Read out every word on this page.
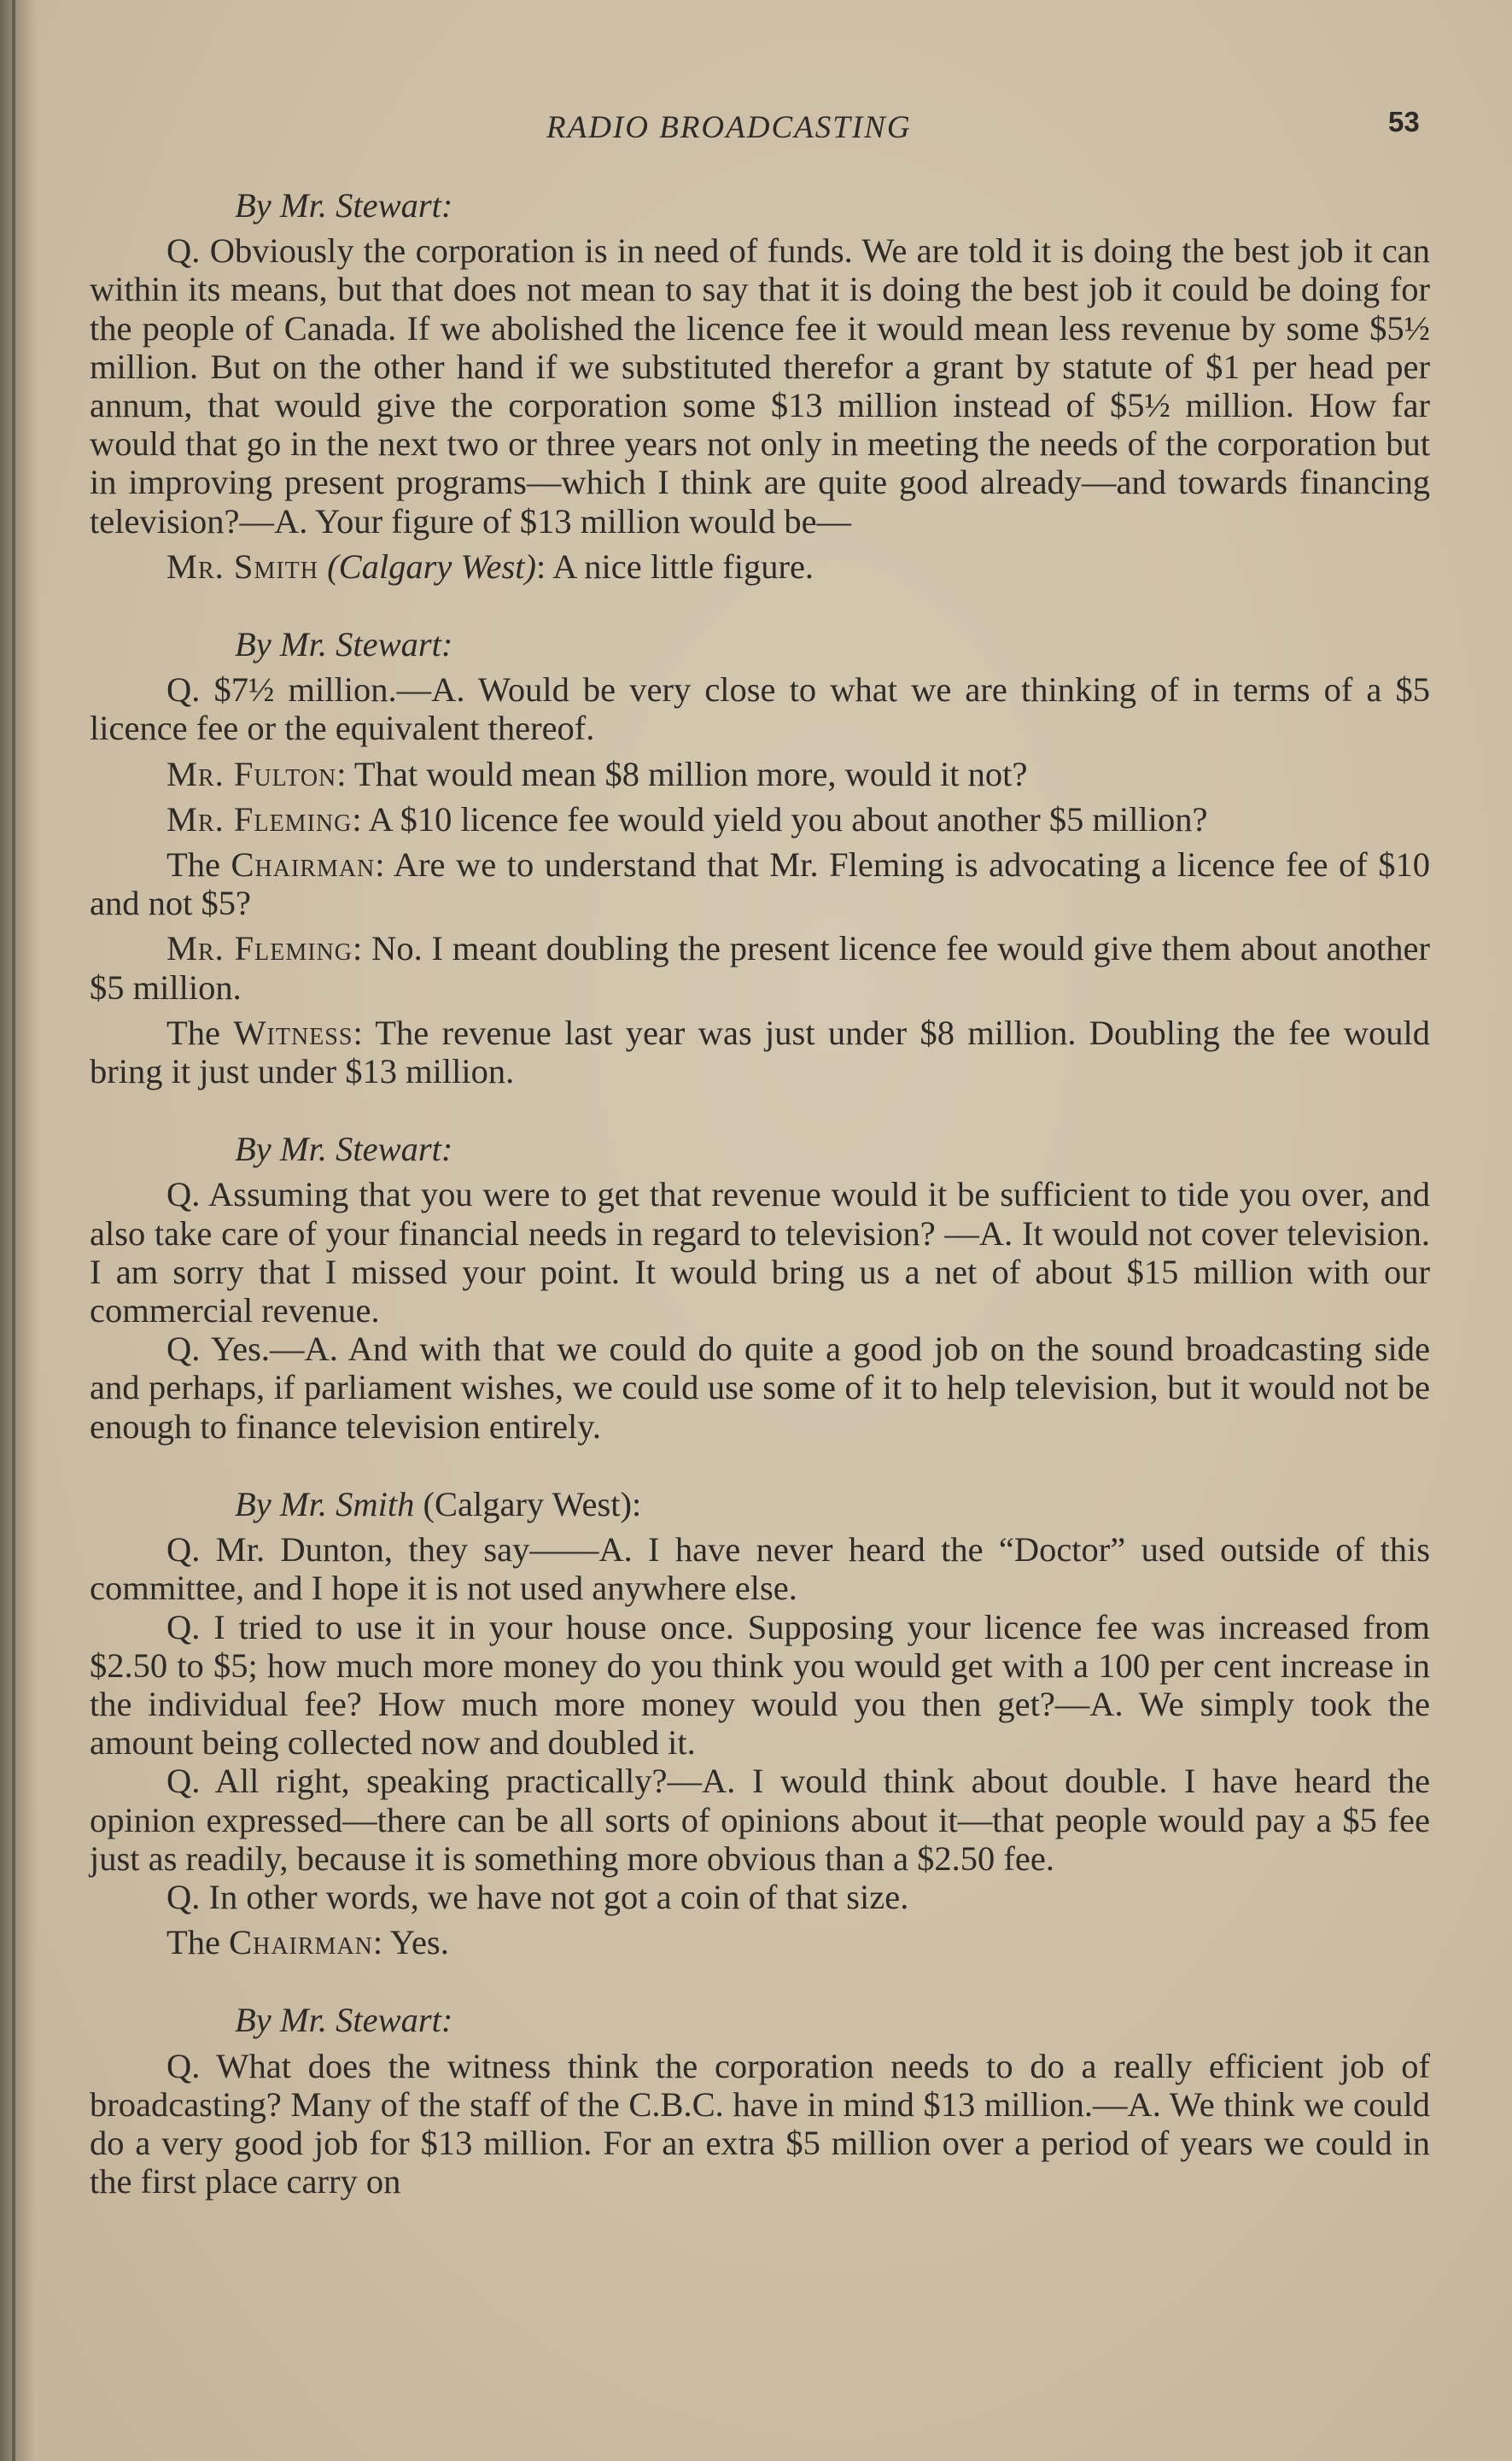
RADIO BROADCASTING	53
By Mr. Stewart:

Q. Obviously the corporation is in need of funds. We are told it is doing the best job it can within its means, but that does not mean to say that it is doing the best job it could be doing for the people of Canada. If we abolished the licence fee it would mean less revenue by some $5½ million. But on the other hand if we substituted therefor a grant by statute of $1 per head per annum, that would give the corporation some $13 million instead of $5½ million. How far would that go in the next two or three years not only in meeting the needs of the corporation but in improving present programs—which I think are quite good already—and towards financing television?—A. Your figure of $13 million would be—

Mr. Smith (Calgary West): A nice little figure.

By Mr. Stewart:

Q. $7½ million.—A. Would be very close to what we are thinking of in terms of a $5 licence fee or the equivalent thereof.

Mr. Fulton: That would mean $8 million more, would it not?

Mr. Fleming: A $10 licence fee would yield you about another $5 million?

The Chairman: Are we to understand that Mr. Fleming is advocating a licence fee of $10 and not $5?

Mr. Fleming: No. I meant doubling the present licence fee would give them about another $5 million.

The Witness: The revenue last year was just under $8 million. Doubling the fee would bring it just under $13 million.

By Mr. Stewart:

Q. Assuming that you were to get that revenue would it be sufficient to tide you over, and also take care of your financial needs in regard to television? —A. It would not cover television. I am sorry that I missed your point. It would bring us a net of about $15 million with our commercial revenue.

Q. Yes.—A. And with that we could do quite a good job on the sound broadcasting side and perhaps, if parliament wishes, we could use some of it to help television, but it would not be enough to finance television entirely.

By Mr. Smith (Calgary West):

Q. Mr. Dunton, they say——A. I have never heard the “Doctor” used outside of this committee, and I hope it is not used anywhere else.

Q. I tried to use it in your house once. Supposing your licence fee was increased from $2.50 to $5; how much more money do you think you would get with a 100 per cent increase in the individual fee? How much more money would you then get?—A. We simply took the amount being collected now and doubled it.

Q. All right, speaking practically?—A. I would think about double. I have heard the opinion expressed—there can be all sorts of opinions about it—that people would pay a $5 fee just as readily, because it is something more obvious than a $2.50 fee.

Q. In other words, we have not got a coin of that size.

The Chairman: Yes.

By Mr. Stewart:

Q. What does the witness think the corporation needs to do a really efficient job of broadcasting? Many of the staff of the C.B.C. have in mind $13 million.—A. We think we could do a very good job for $13 million. For an extra $5 million over a period of years we could in the first place carry on
